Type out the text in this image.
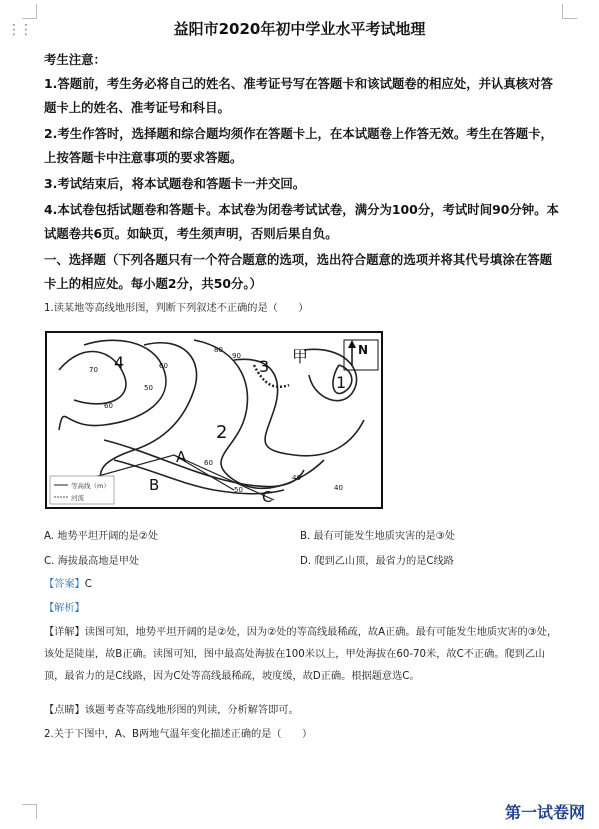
⋮⋮	益阳市2020年初中学业水平考试地理
考生注意：
1.答题前，考生务必将自己的姓名、准考证号写在答题卡和该试题卷的相应处，并认真核对答题卡上的姓名、准考证号和科目。
2.考生作答时，选择题和综合题均须作在答题卡上，在本试题卷上作答无效。考生在答题卡，上按答题卡中注意事项的要求答题。
3.考试结束后，将本试题卷和答题卡一并交回。
4.本试卷包括试题卷和答题卡。本试卷为闭卷考试试卷，满分为100分，考试时间90分钟。本试题卷共6页。如缺页，考生须声明，否则后果自负。
一、选择题（下列各题只有一个符合题意的选项，选出符合题意的选项并将其代号填涂在答题卡上的相应处。每小题2分，共50分。）
1.读某地等高线地形图，判断下列叙述不正确的是（　　）
4	3
2
1
甲
A
B
C
N
60
70
80
90
60
50
40
60
50
40
等高线（m）
河流
A. 地势平坦开阔的是②处	B. 最有可能发生地质灾害的是③处
C. 海拔最高地是甲处	D. 爬到乙山顶，最省力的是C线路
【答案】C
【解析】
【详解】读图可知，地势平坦开阔的是②处，因为②处的等高线最稀疏，故A正确。最有可能发生地质灾害的③处，该处是陡崖，故B正确。读图可知，图中最高处海拔在100米以上，甲处海拔在60-70米，故C不正确。爬到乙山顶，最省力的是C线路，因为C处等高线最稀疏，坡度缓，故D正确。根据题意选C。
【点睛】该题考查等高线地形图的判读，分析解答即可。
2.关于下图中，A、B两地气温年变化描述正确的是（　　）
第一试卷网
